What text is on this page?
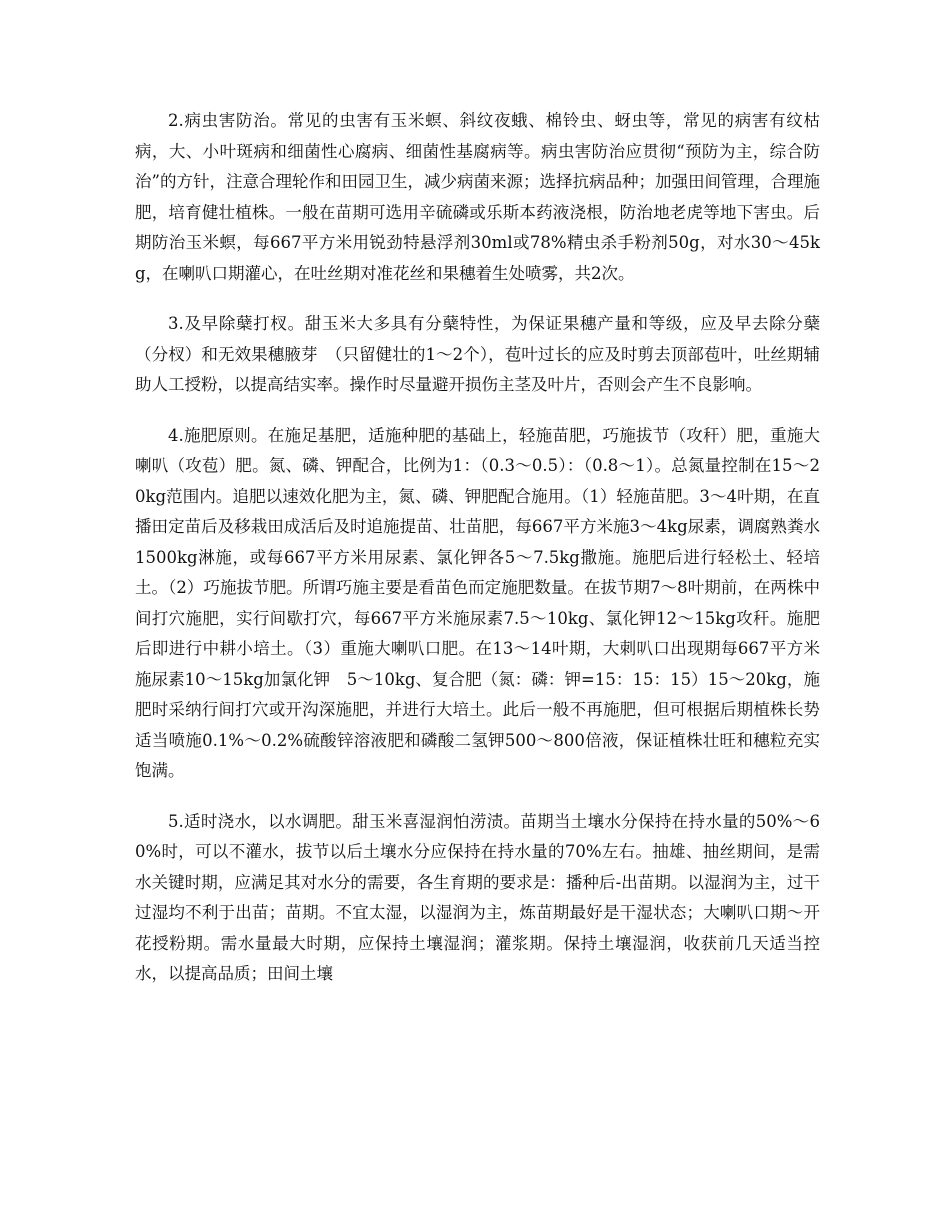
2.病虫害防治。常见的虫害有玉米螟、斜纹夜蛾、棉铃虫、蚜虫等，常见的病害有纹枯病，大、小叶斑病和细菌性心腐病、细菌性基腐病等。病虫害防治应贯彻“预防为主，综合防治”的方针，注意合理轮作和田园卫生，减少病菌来源；选择抗病品种；加强田间管理，合理施肥，培育健壮植株。一般在苗期可选用辛硫磷或乐斯本药液浇根，防治地老虎等地下害虫。后期防治玉米螟，每667平方米用锐劲特悬浮剂30ml或78%精虫杀手粉剂50g，对水30～45kg，在喇叭口期灌心，在吐丝期对准花丝和果穗着生处喷雾，共2次。

3.及早除蘖打杈。甜玉米大多具有分蘖特性，为保证果穗产量和等级，应及早去除分蘖（分杈）和无效果穗腋芽　（只留健壮的1～2个），苞叶过长的应及时剪去顶部苞叶，吐丝期辅助人工授粉，以提高结实率。操作时尽量避开损伤主茎及叶片，否则会产生不良影响。

4.施肥原则。在施足基肥，适施种肥的基础上，轻施苗肥，巧施拔节（攻秆）肥，重施大喇叭（攻苞）肥。氮、磷、钾配合，比例为1：（0.3～0.5）：（0.8～1）。总氮量控制在15～20kg范围内。追肥以速效化肥为主，氮、磷、钾肥配合施用。（1）轻施苗肥。3～4叶期，在直播田定苗后及移栽田成活后及时追施提苗、壮苗肥，每667平方米施3～4kg尿素，调腐熟粪水1500kg淋施，或每667平方米用尿素、氯化钾各5～7.5kg撒施。施肥后进行轻松土、轻培土。（2）巧施拔节肥。所谓巧施主要是看苗色而定施肥数量。在拔节期7～8叶期前，在两株中间打穴施肥，实行间歇打穴，每667平方米施尿素7.5～10kg、氯化钾12～15kg攻秆。施肥后即进行中耕小培土。（3）重施大喇叭口肥。在13～14叶期，大刺叭口出现期每667平方米施尿素10～15kg加氯化钾　5～10kg、复合肥（氮：磷：钾=15：15：15）15～20kg，施肥时采纳行间打穴或开沟深施肥，并进行大培土。此后一般不再施肥，但可根据后期植株长势适当喷施0.1%～0.2%硫酸锌溶液肥和磷酸二氢钾500～800倍液，保证植株壮旺和穗粒充实饱满。

5.适时浇水，以水调肥。甜玉米喜湿润怕涝渍。苗期当土壤水分保持在持水量的50%～60%时，可以不灌水，拔节以后土壤水分应保持在持水量的70%左右。抽雄、抽丝期间，是需水关键时期，应满足其对水分的需要，各生育期的要求是：播种后-出苗期。以湿润为主，过干过湿均不利于出苗；苗期。不宜太湿，以湿润为主，炼苗期最好是干湿状态；大喇叭口期～开花授粉期。需水量最大时期，应保持土壤湿润；灌浆期。保持土壤湿润，收获前几天适当控水，以提高品质；田间土壤
